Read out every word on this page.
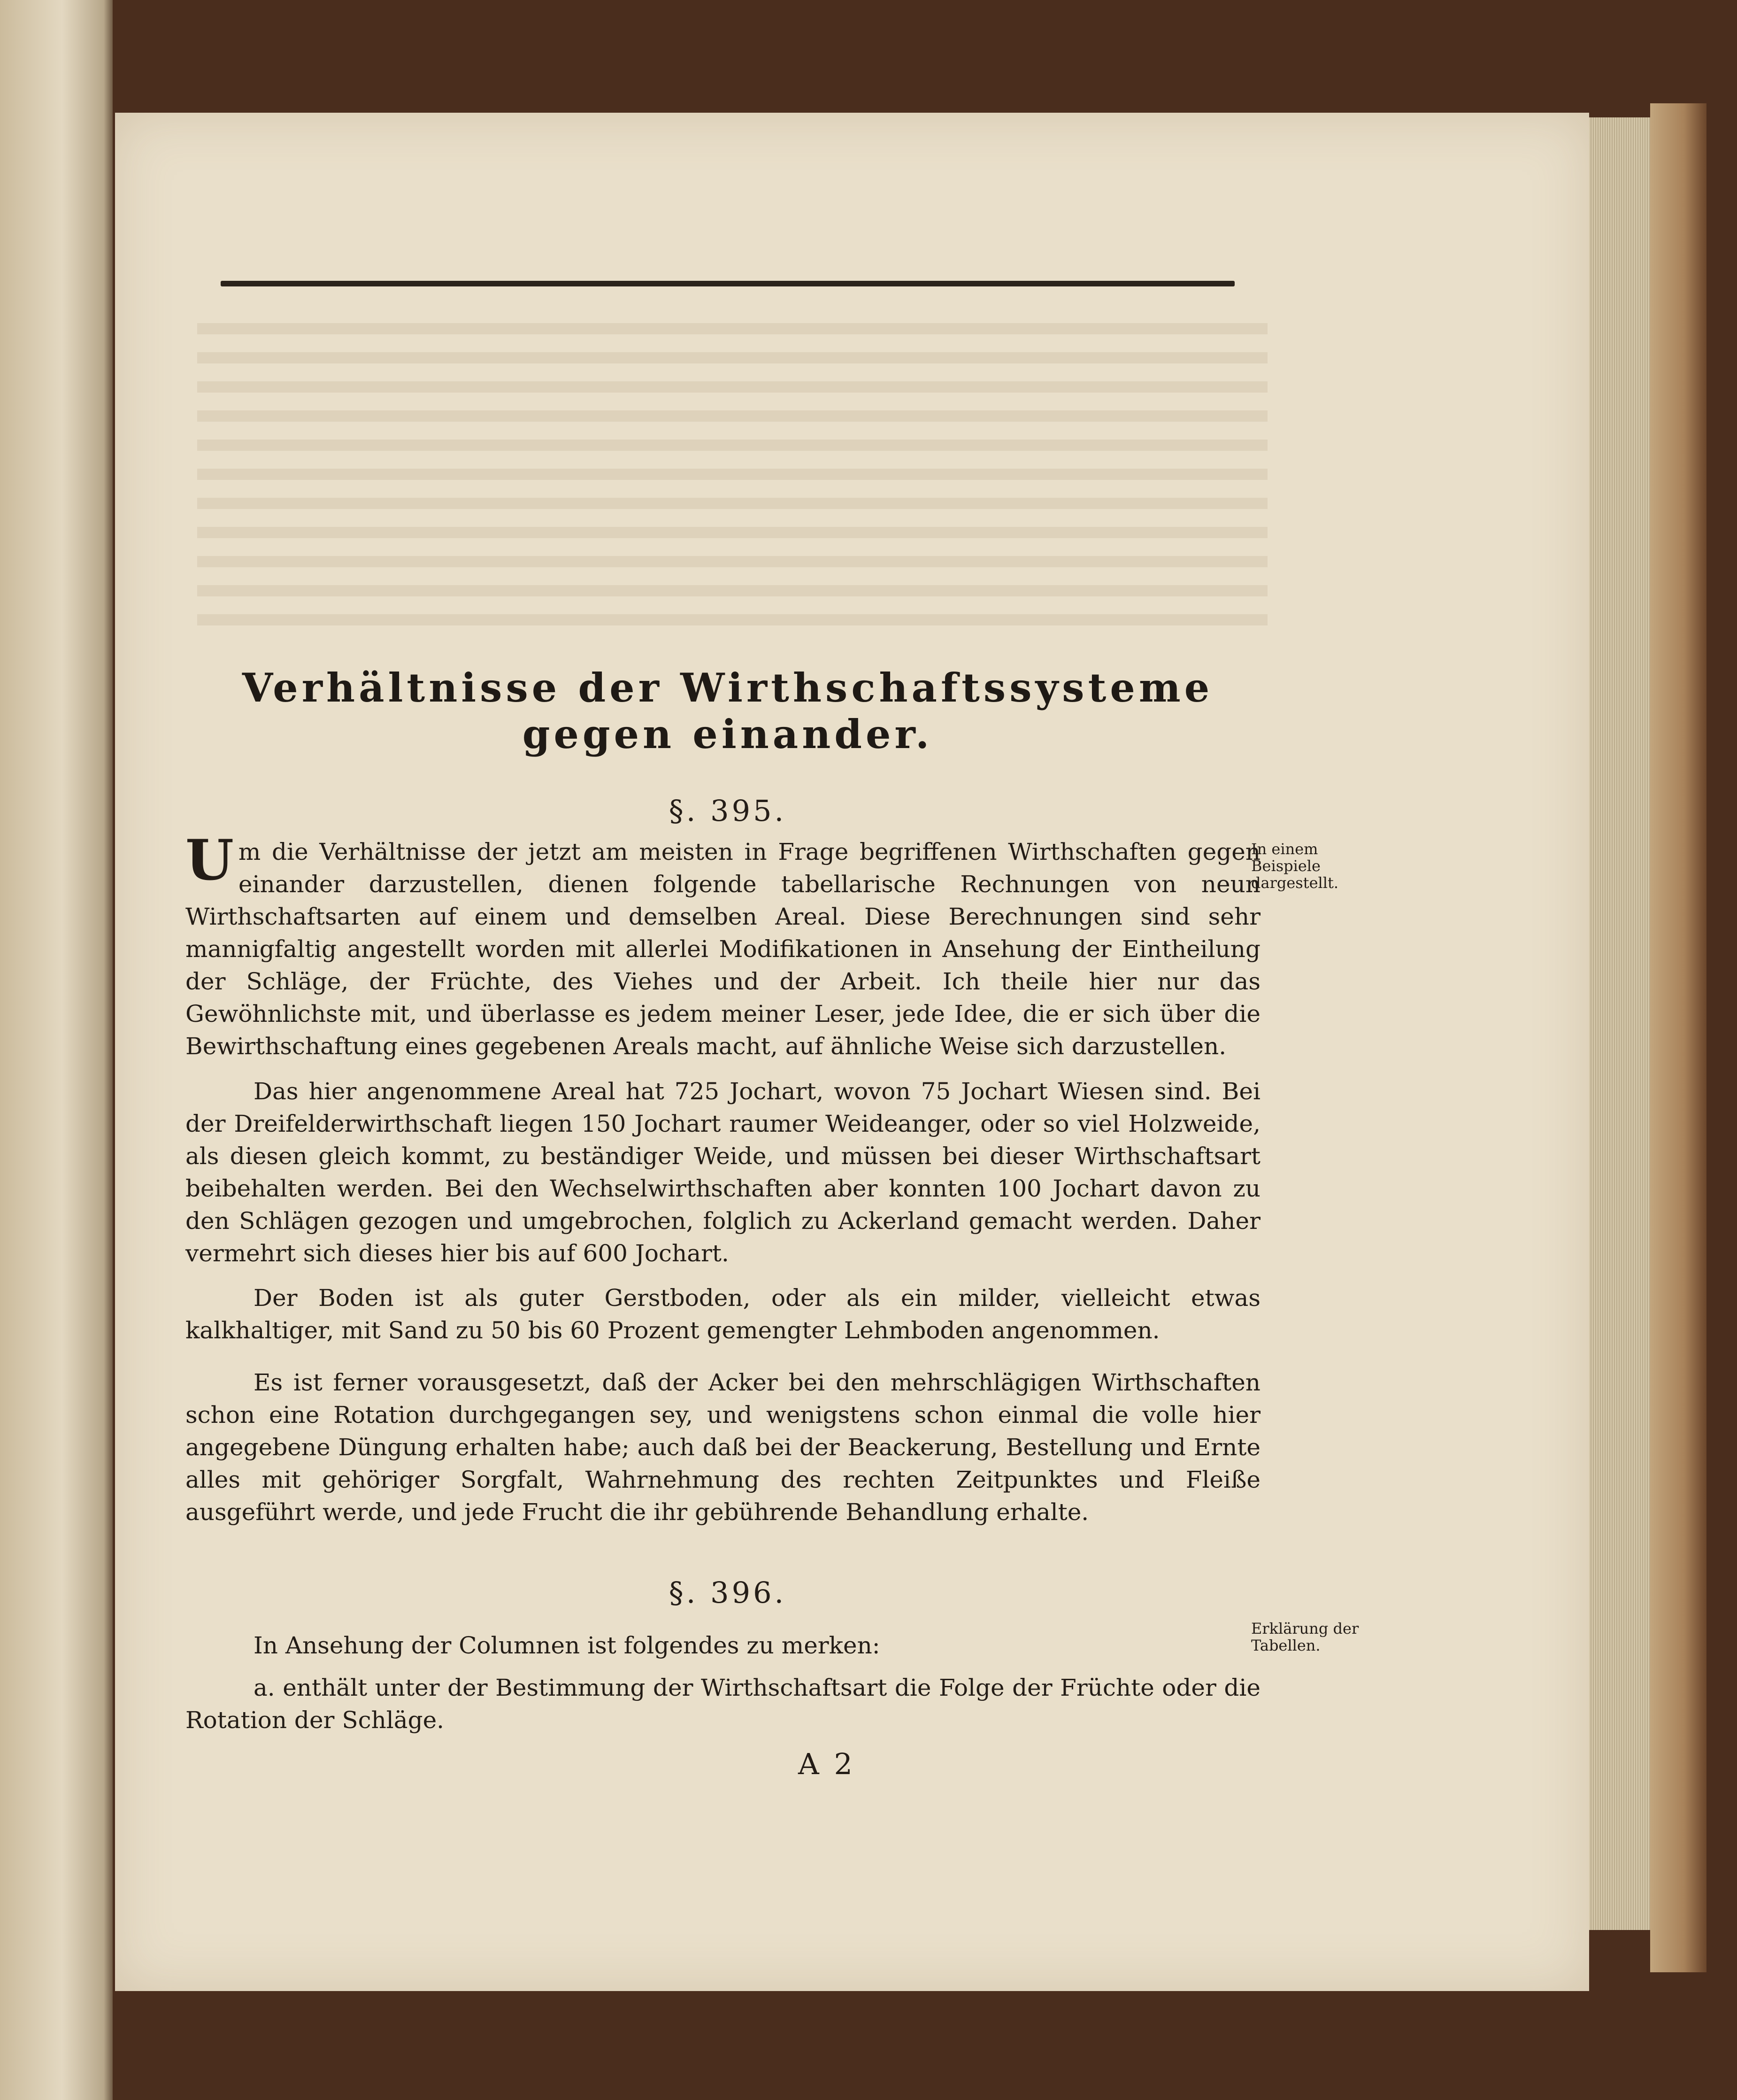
Verhältnisse der Wirthschaftssysteme gegen einander.
§. 395.
In einem Beispiele dargestellt.
Um die Verhältnisse der jetzt am meisten in Frage begriffenen Wirthschaften gegen einander darzustellen, dienen folgende tabellarische Rechnungen von neun Wirthschaftsarten auf einem und demselben Areal. Diese Berechnungen sind sehr mannigfaltig angestellt worden mit allerlei Modifikationen in Ansehung der Eintheilung der Schläge, der Früchte, des Viehes und der Arbeit. Ich theile hier nur das Gewöhnlichste mit, und überlasse es jedem meiner Leser, jede Idee, die er sich über die Bewirthschaftung eines gegebenen Areals macht, auf ähnliche Weise sich darzustellen.
Das hier angenommene Areal hat 725 Jochart, wovon 75 Jochart Wiesen sind. Bei der Dreifelderwirthschaft liegen 150 Jochart raumer Weideanger, oder so viel Holzweide, als diesen gleich kommt, zu beständiger Weide, und müssen bei dieser Wirthschaftsart beibehalten werden. Bei den Wechselwirthschaften aber konnten 100 Jochart davon zu den Schlägen gezogen und umgebrochen, folglich zu Ackerland gemacht werden. Daher vermehrt sich dieses hier bis auf 600 Jochart.
Der Boden ist als guter Gerstboden, oder als ein milder, vielleicht etwas kalkhaltiger, mit Sand zu 50 bis 60 Prozent gemengter Lehmboden angenommen.
Es ist ferner vorausgesetzt, daß der Acker bei den mehrschlägigen Wirthschaften schon eine Rotation durchgegangen sey, und wenigstens schon einmal die volle hier angegebene Düngung erhalten habe; auch daß bei der Beackerung, Bestellung und Ernte alles mit gehöriger Sorgfalt, Wahrnehmung des rechten Zeitpunktes und Fleiße ausgeführt werde, und jede Frucht die ihr gebührende Behandlung erhalte.
§. 396.
Erklärung der Tabellen.
In Ansehung der Columnen ist folgendes zu merken:
a. enthält unter der Bestimmung der Wirthschaftsart die Folge der Früchte oder die Rotation der Schläge.
A 2
